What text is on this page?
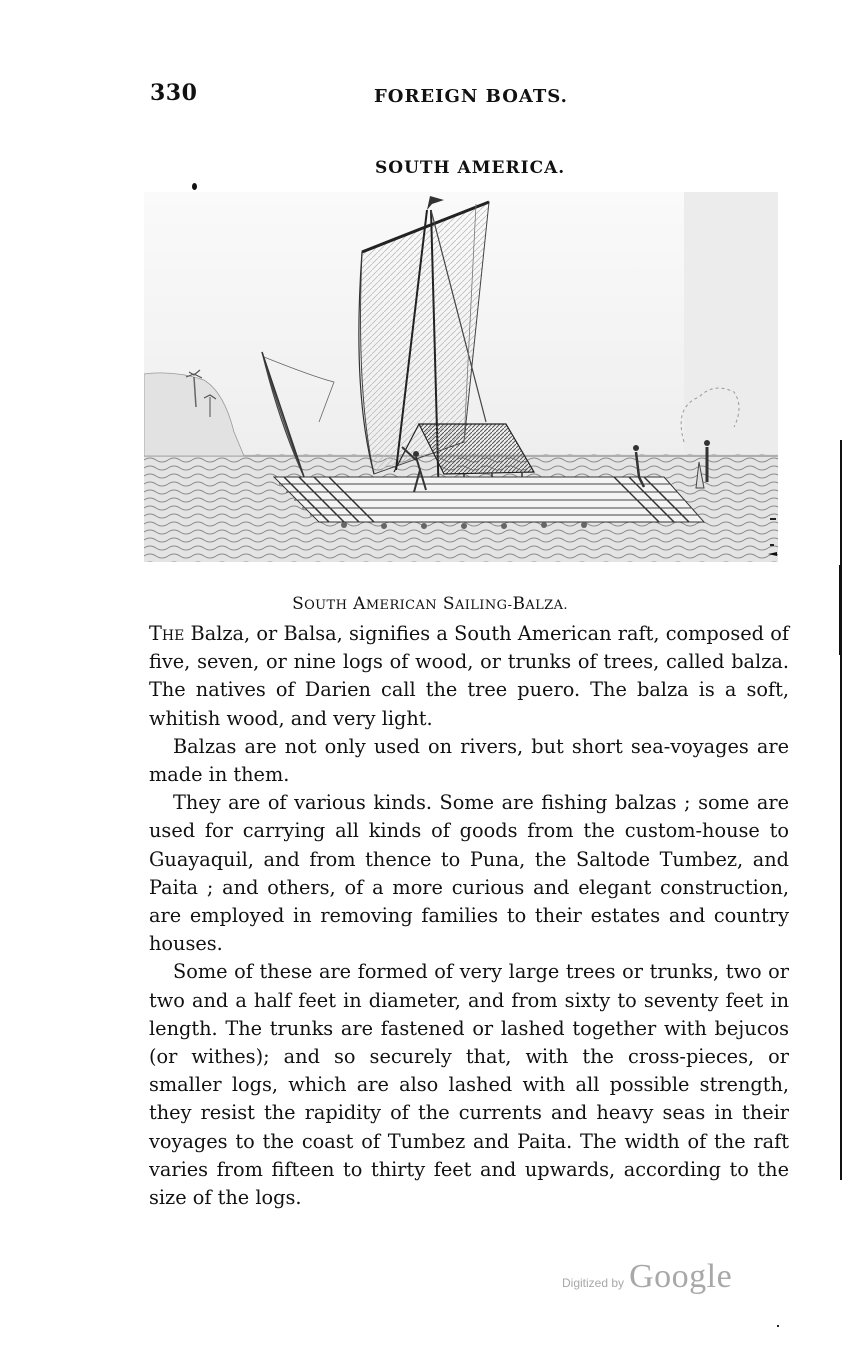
330	FOREIGN BOATS.
SOUTH AMERICA.
SOUTH AMERICAN SAILING-BALZA.

The Balza, or Balsa, signifies a South American raft, composed of five, seven, or nine logs of wood, or trunks of trees, called balza. The natives of Darien call the tree puero. The balza is a soft, whitish wood, and very light.

Balzas are not only used on rivers, but short sea-voyages are made in them.

They are of various kinds. Some are fishing balzas ; some are used for carrying all kinds of goods from the custom-house to Guayaquil, and from thence to Puna, the Saltode Tumbez, and Paita ; and others, of a more curious and elegant construction, are employed in removing families to their estates and country houses.

Some of these are formed of very large trees or trunks, two or two and a half feet in diameter, and from sixty to seventy feet in length. The trunks are fastened or lashed together with bejucos (or withes); and so securely that, with the cross-pieces, or smaller logs, which are also lashed with all possible strength, they resist the rapidity of the currents and heavy seas in their voyages to the coast of Tumbez and Paita. The width of the raft varies from fifteen to thirty feet and upwards, according to the size of the logs.

Digitized by Google
